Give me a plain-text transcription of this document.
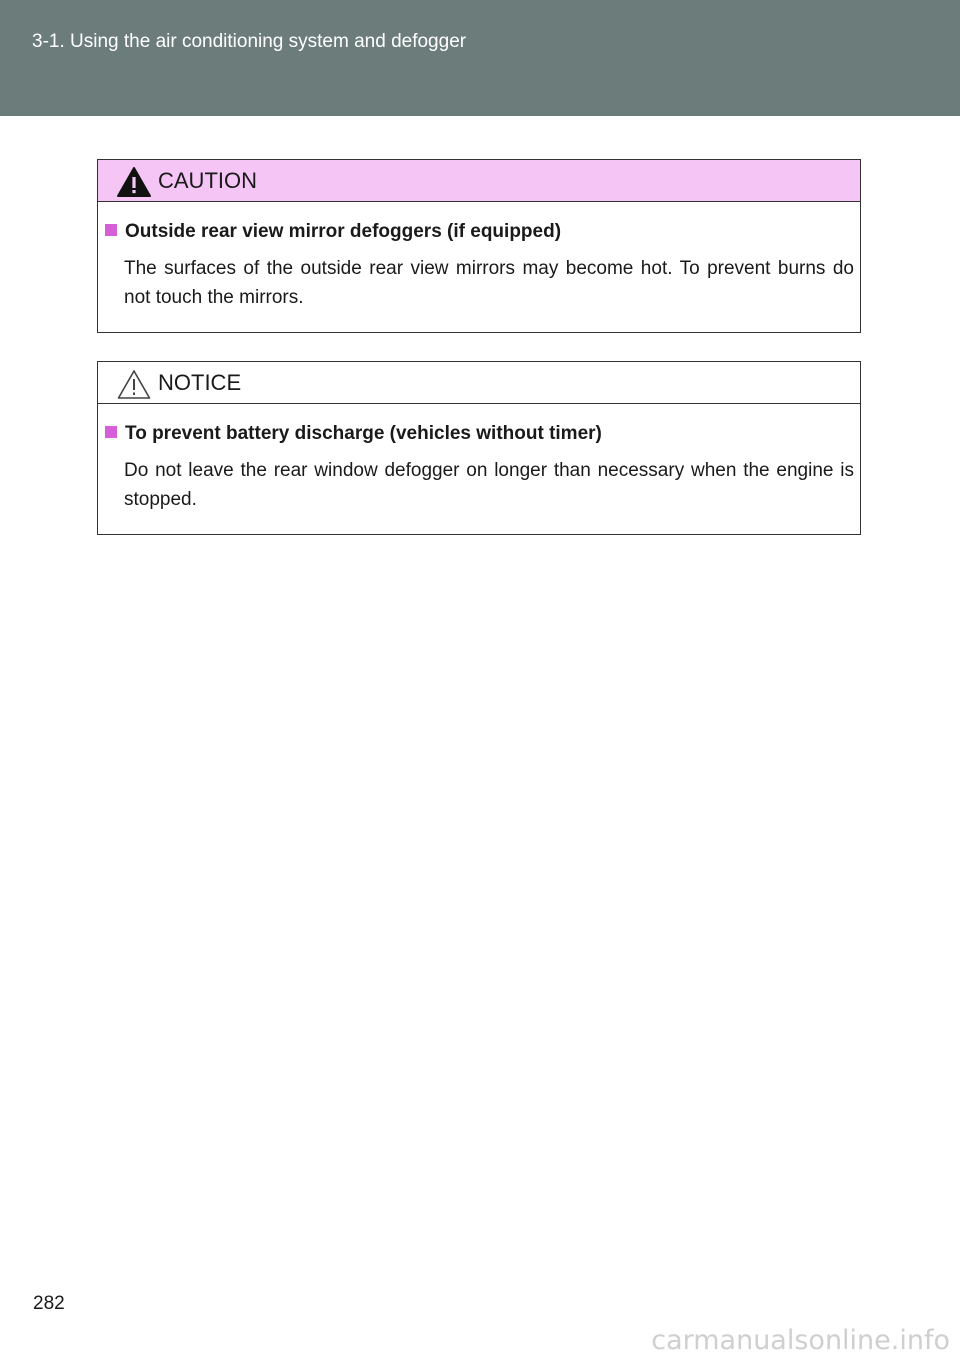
3-1. Using the air conditioning system and defogger
CAUTION
Outside rear view mirror defoggers (if equipped)
The surfaces of the outside rear view mirrors may become hot. To prevent burns do not touch the mirrors.
NOTICE
To prevent battery discharge (vehicles without timer)
Do not leave the rear window defogger on longer than necessary when the engine is stopped.
282
carmanualsonline.info
